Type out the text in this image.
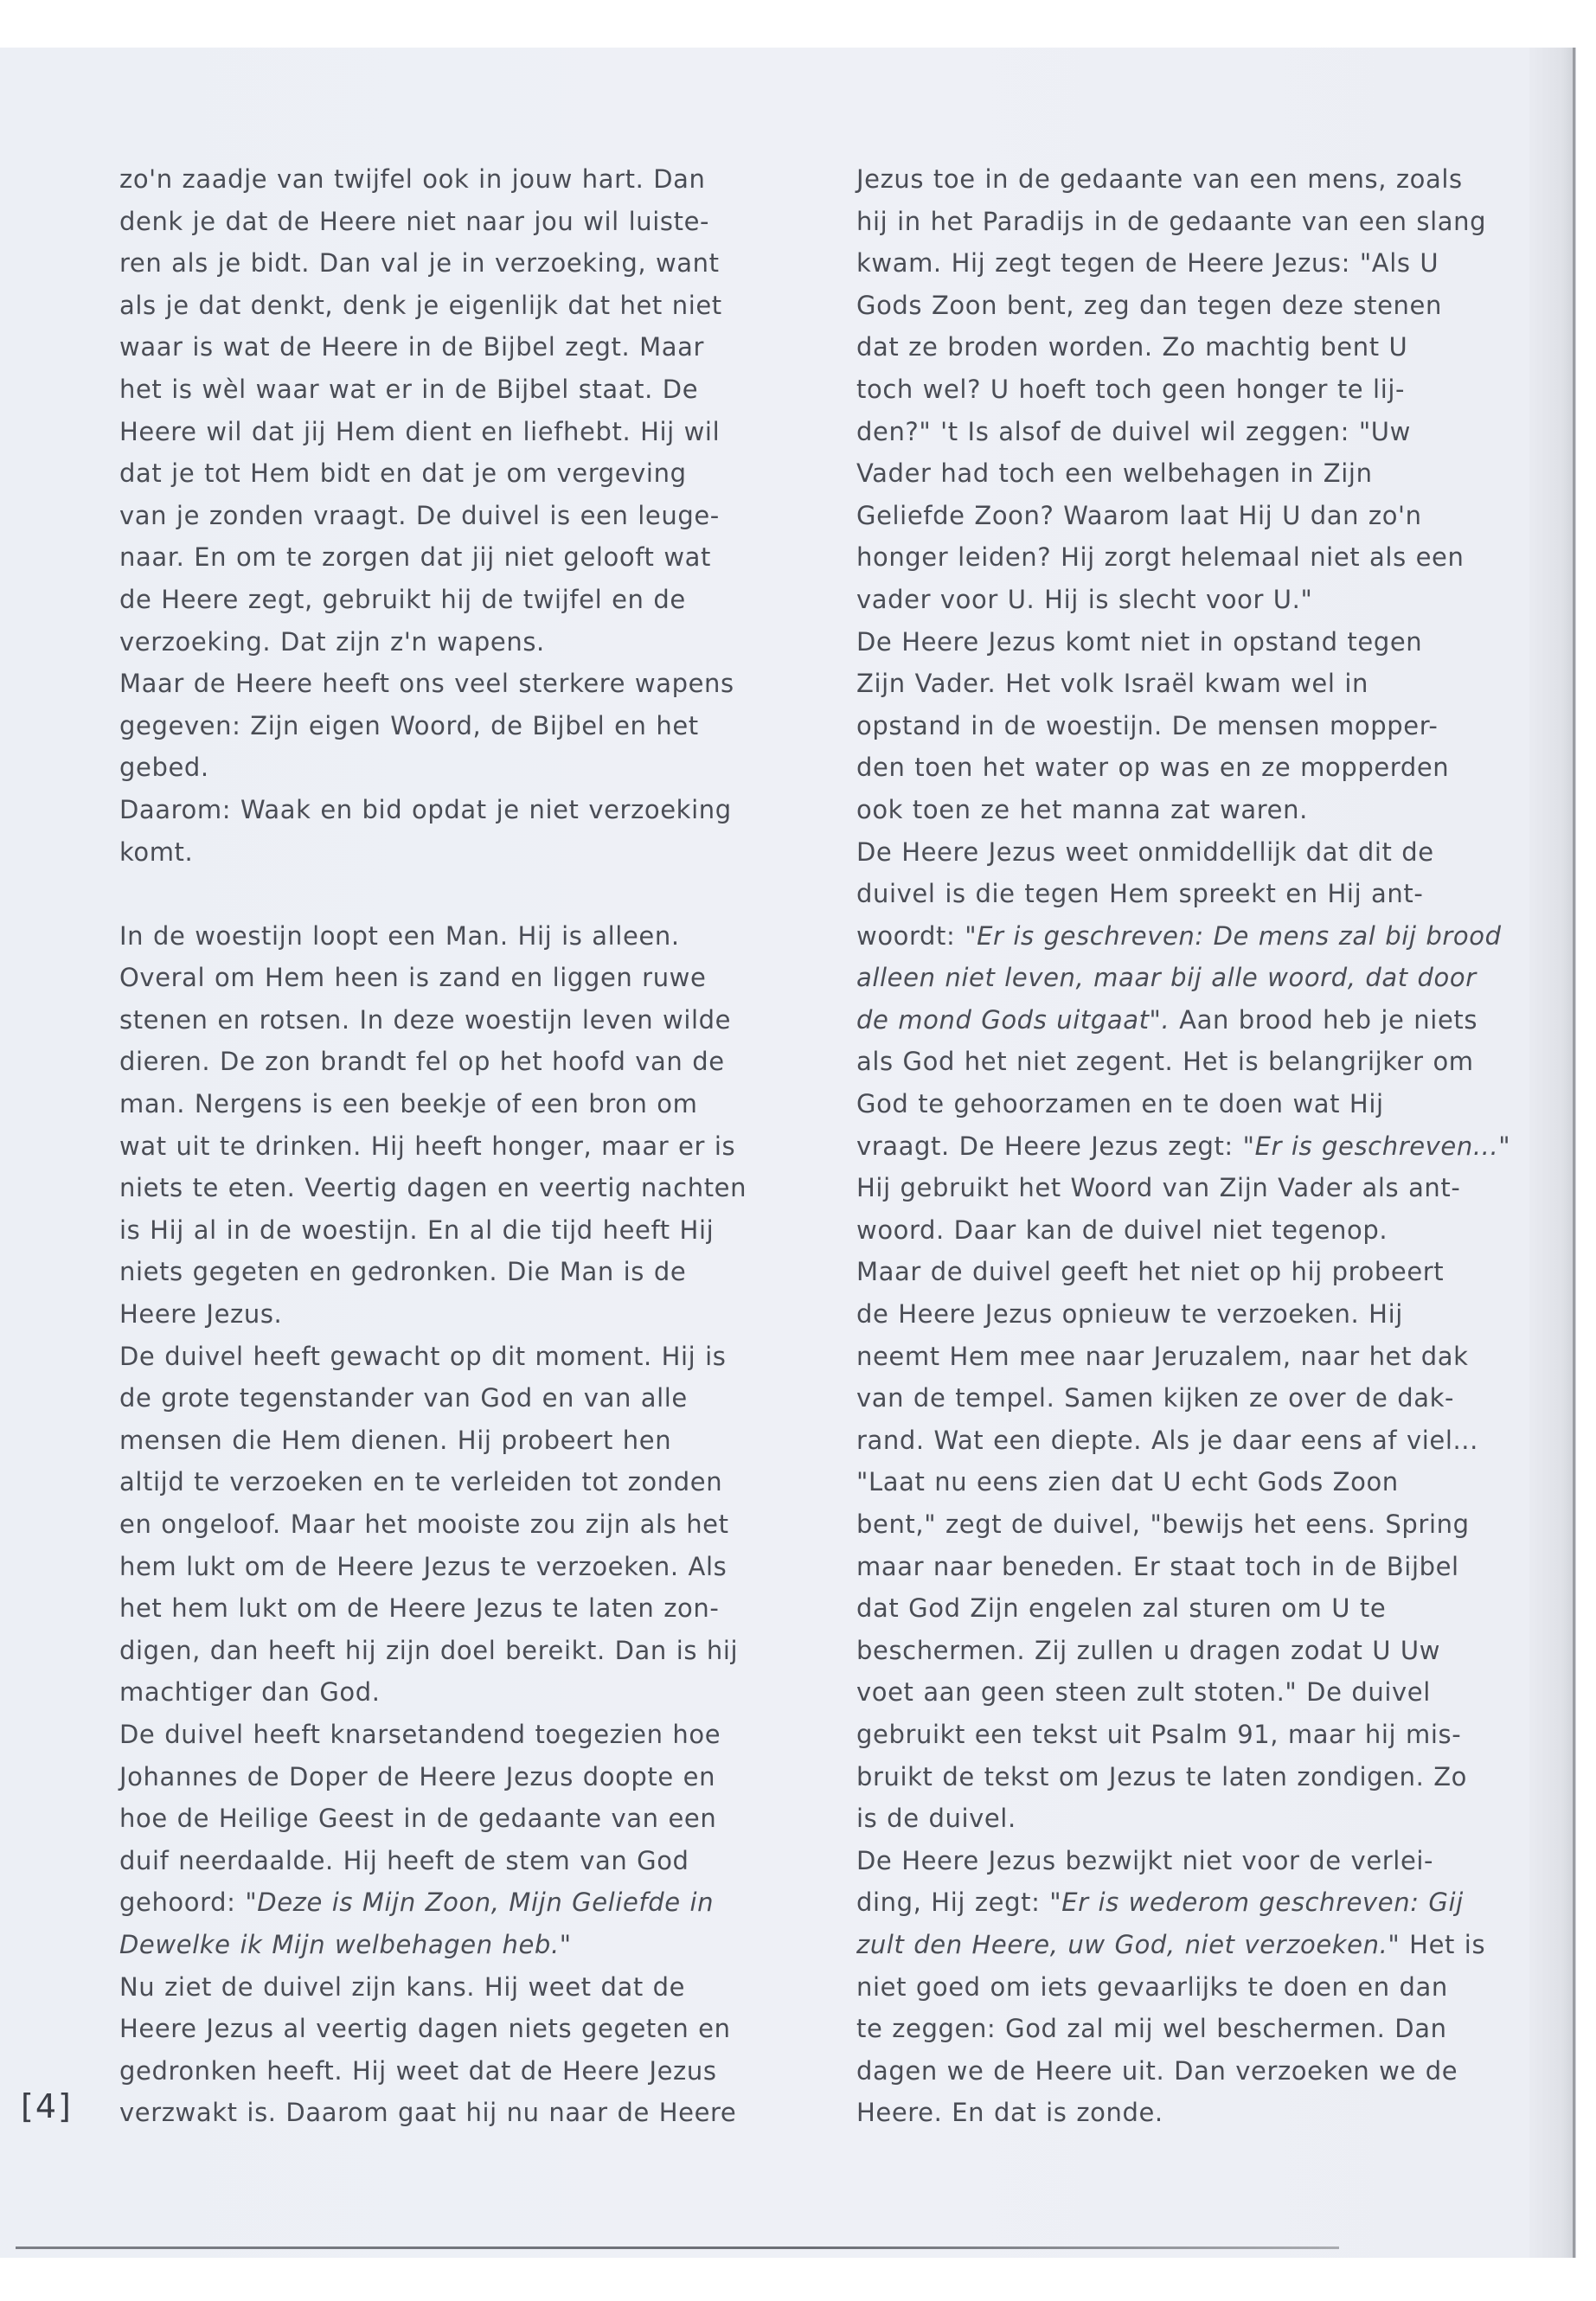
zo'n zaadje van twijfel ook in jouw hart. Dan
denk je dat de Heere niet naar jou wil luiste-
ren als je bidt. Dan val je in verzoeking, want
als je dat denkt, denk je eigenlijk dat het niet
waar is wat de Heere in de Bijbel zegt. Maar
het is wèl waar wat er in de Bijbel staat. De
Heere wil dat jij Hem dient en liefhebt. Hij wil
dat je tot Hem bidt en dat je om vergeving
van je zonden vraagt. De duivel is een leuge-
naar. En om te zorgen dat jij niet gelooft wat
de Heere zegt, gebruikt hij de twijfel en de
verzoeking. Dat zijn z'n wapens.
Maar de Heere heeft ons veel sterkere wapens
gegeven: Zijn eigen Woord, de Bijbel en het
gebed.
Daarom: Waak en bid opdat je niet verzoeking
komt.
In de woestijn loopt een Man. Hij is alleen.
Overal om Hem heen is zand en liggen ruwe
stenen en rotsen. In deze woestijn leven wilde
dieren. De zon brandt fel op het hoofd van de
man. Nergens is een beekje of een bron om
wat uit te drinken. Hij heeft honger, maar er is
niets te eten. Veertig dagen en veertig nachten
is Hij al in de woestijn. En al die tijd heeft Hij
niets gegeten en gedronken. Die Man is de
Heere Jezus.
De duivel heeft gewacht op dit moment. Hij is
de grote tegenstander van God en van alle
mensen die Hem dienen. Hij probeert hen
altijd te verzoeken en te verleiden tot zonden
en ongeloof. Maar het mooiste zou zijn als het
hem lukt om de Heere Jezus te verzoeken. Als
het hem lukt om de Heere Jezus te laten zon-
digen, dan heeft hij zijn doel bereikt. Dan is hij
machtiger dan God.
De duivel heeft knarsetandend toegezien hoe
Johannes de Doper de Heere Jezus doopte en
hoe de Heilige Geest in de gedaante van een
duif neerdaalde. Hij heeft de stem van God
gehoord: "Deze is Mijn Zoon, Mijn Geliefde in
Dewelke ik Mijn welbehagen heb."
Nu ziet de duivel zijn kans. Hij weet dat de
Heere Jezus al veertig dagen niets gegeten en
gedronken heeft. Hij weet dat de Heere Jezus
verzwakt is. Daarom gaat hij nu naar de Heere
Jezus toe in de gedaante van een mens, zoals
hij in het Paradijs in de gedaante van een slang
kwam. Hij zegt tegen de Heere Jezus: "Als U
Gods Zoon bent, zeg dan tegen deze stenen
dat ze broden worden. Zo machtig bent U
toch wel? U hoeft toch geen honger te lij-
den?" 't Is alsof de duivel wil zeggen: "Uw
Vader had toch een welbehagen in Zijn
Geliefde Zoon? Waarom laat Hij U dan zo'n
honger leiden? Hij zorgt helemaal niet als een
vader voor U. Hij is slecht voor U."
De Heere Jezus komt niet in opstand tegen
Zijn Vader. Het volk Israël kwam wel in
opstand in de woestijn. De mensen mopper-
den toen het water op was en ze mopperden
ook toen ze het manna zat waren.
De Heere Jezus weet onmiddellijk dat dit de
duivel is die tegen Hem spreekt en Hij ant-
woordt: "Er is geschreven: De mens zal bij brood
alleen niet leven, maar bij alle woord, dat door
de mond Gods uitgaat". Aan brood heb je niets
als God het niet zegent. Het is belangrijker om
God te gehoorzamen en te doen wat Hij
vraagt. De Heere Jezus zegt: "Er is geschreven..."
Hij gebruikt het Woord van Zijn Vader als ant-
woord. Daar kan de duivel niet tegenop.
Maar de duivel geeft het niet op hij probeert
de Heere Jezus opnieuw te verzoeken. Hij
neemt Hem mee naar Jeruzalem, naar het dak
van de tempel. Samen kijken ze over de dak-
rand. Wat een diepte. Als je daar eens af viel...
"Laat nu eens zien dat U echt Gods Zoon
bent," zegt de duivel, "bewijs het eens. Spring
maar naar beneden. Er staat toch in de Bijbel
dat God Zijn engelen zal sturen om U te
beschermen. Zij zullen u dragen zodat U Uw
voet aan geen steen zult stoten." De duivel
gebruikt een tekst uit Psalm 91, maar hij mis-
bruikt de tekst om Jezus te laten zondigen. Zo
is de duivel.
De Heere Jezus bezwijkt niet voor de verlei-
ding, Hij zegt: "Er is wederom geschreven: Gij
zult den Heere, uw God, niet verzoeken." Het is
niet goed om iets gevaarlijks te doen en dan
te zeggen: God zal mij wel beschermen. Dan
dagen we de Heere uit. Dan verzoeken we de
Heere. En dat is zonde.
[4]
